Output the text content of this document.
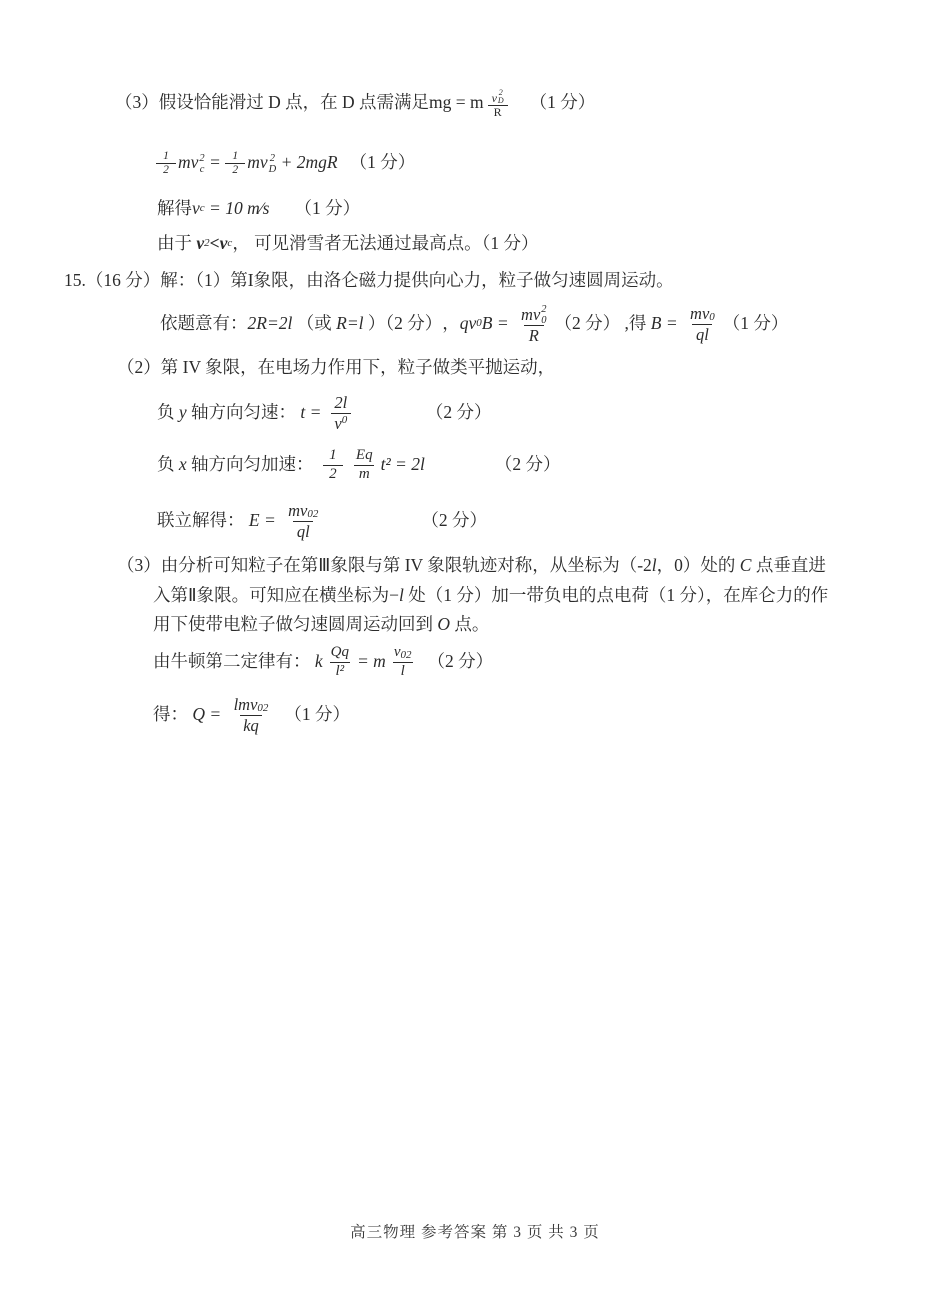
（3）假设恰能滑过 D 点，在 D 点需满足mg = m v 2
D
R （1 分）
$\frac{1}{2}$ mv 2
$c = \frac{1}{2}$ mv 2
D + 2mgR （1 分）
解得 v c = 10 m∕s （1 分）
由于 v 2 < v c ， 可见滑雪者无法通过最高点。（1 分）
15.（16 分）解：（1）第I象限，由洛仑磁力提供向心力，粒子做匀速圆周运动。
依题意有： 2R=2l （或 R=l ）（2 分） ， qv 0 B = mv 2
0
R （2 分） ,得 $B = \frac{mv 0}{ql} (1$ 分）
（2）第 IV 象限，在电场力作用下，粒子做类平抛运动，
负 y 轴方向匀速： $t = \frac{2l}{v 0}$	（2 分）
负 x 轴方向匀加速： $\frac{1}{2} \frac{Eq}{m} t^2 = 2l$	（2 分）
联立解得： $E = \frac{mv 0 2}{ql}$	（2 分）
（3）由分析可知粒子在第Ⅲ象限与第 IV 象限轨迹对称，从坐标为（-2 l ，0）处的 C 点垂直进
入第Ⅱ象限。可知应在横坐标为− l 处（1 分）加一带负电的点电荷（1 分），在库仑力的作
用下使带电粒子做匀速圆周运动回到 O 点。
由牛顿第二定律有： k $\frac{Qq}{\text{l²}} = m \frac{v 0 2}{l} (2$ 分）
得： $Q = \frac{\text{lmv 0 2}}{kq} (1$ 分）
高三物理 参考答案 第 3 页 共 3 页
